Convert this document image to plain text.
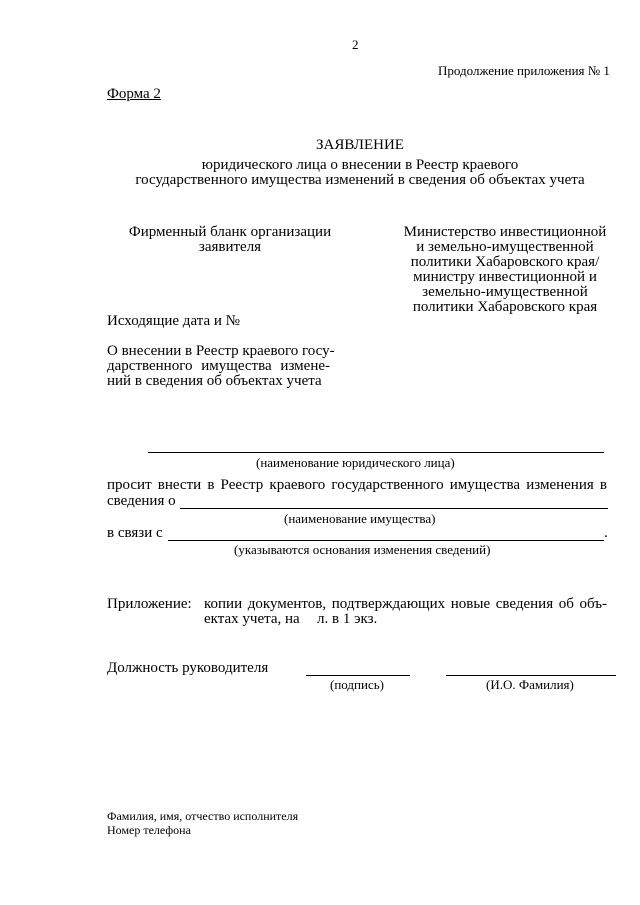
2
Продолжение приложения № 1
Форма 2
ЗАЯВЛЕНИЕ
юридического лица о внесении в Реестр краевого
государственного имущества изменений в сведения об объектах учета
Фирменный бланк организации
заявителя
Министерство инвестиционной
и земельно-имущественной
политики Хабаровского края/
министру инвестиционной и
земельно-имущественной
политики Хабаровского края
Исходящие дата и №
О внесении в Реестр краевого госу-
дарственного имущества измене-
ний в сведения об объектах учета
(наименование юридического лица)
просит внести в Реестр краевого государственного имущества изменения в
сведения о
(наименование имущества)
в связи с	.
(указываются основания изменения сведений)
Приложение: копии документов, подтверждающих новые сведения об объ-
ектах учета, на л. в 1 экз.
Должность руководителя
(подпись)	(И.О. Фамилия)
Фамилия, имя, отчество исполнителя
Номер телефона
